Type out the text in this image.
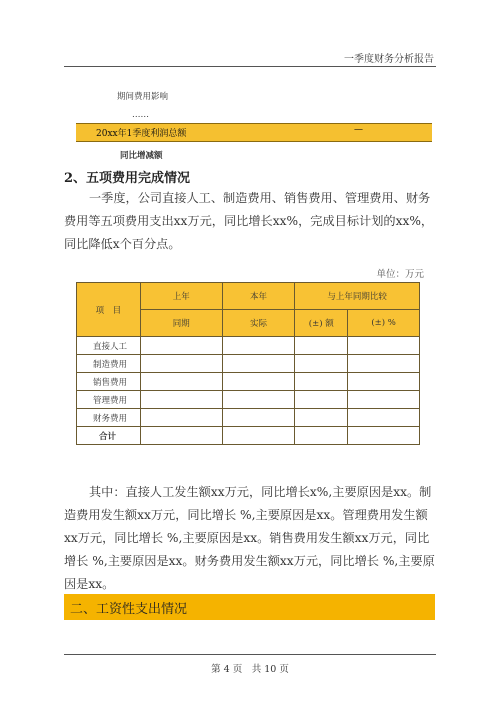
一季度财务分析报告
期间费用影响
……
20xx年1季度利润总额	—
同比增减额
2、五项费用完成情况
一季度，公司直接人工、制造费用、销售费用、管理费用、财务费用等五项费用支出xx万元，同比增长xx%，完成目标计划的xx%，同比降低x个百分点。
单位：万元
项　目	上年	本年	与上年同期比较	
	同期	实际	(±) 额	(±) %
直接人工				
制造费用				
销售费用				
管理费用				
财务费用				
合计				
其中：直接人工发生额xx万元，同比增长x%,主要原因是xx。制造费用发生额xx万元，同比增长 %,主要原因是xx。管理费用发生额xx万元，同比增长 %,主要原因是xx。销售费用发生额xx万元，同比增长 %,主要原因是xx。财务费用发生额xx万元，同比增长 %,主要原因是xx。
二、工资性支出情况
第 4 页　共 10 页
